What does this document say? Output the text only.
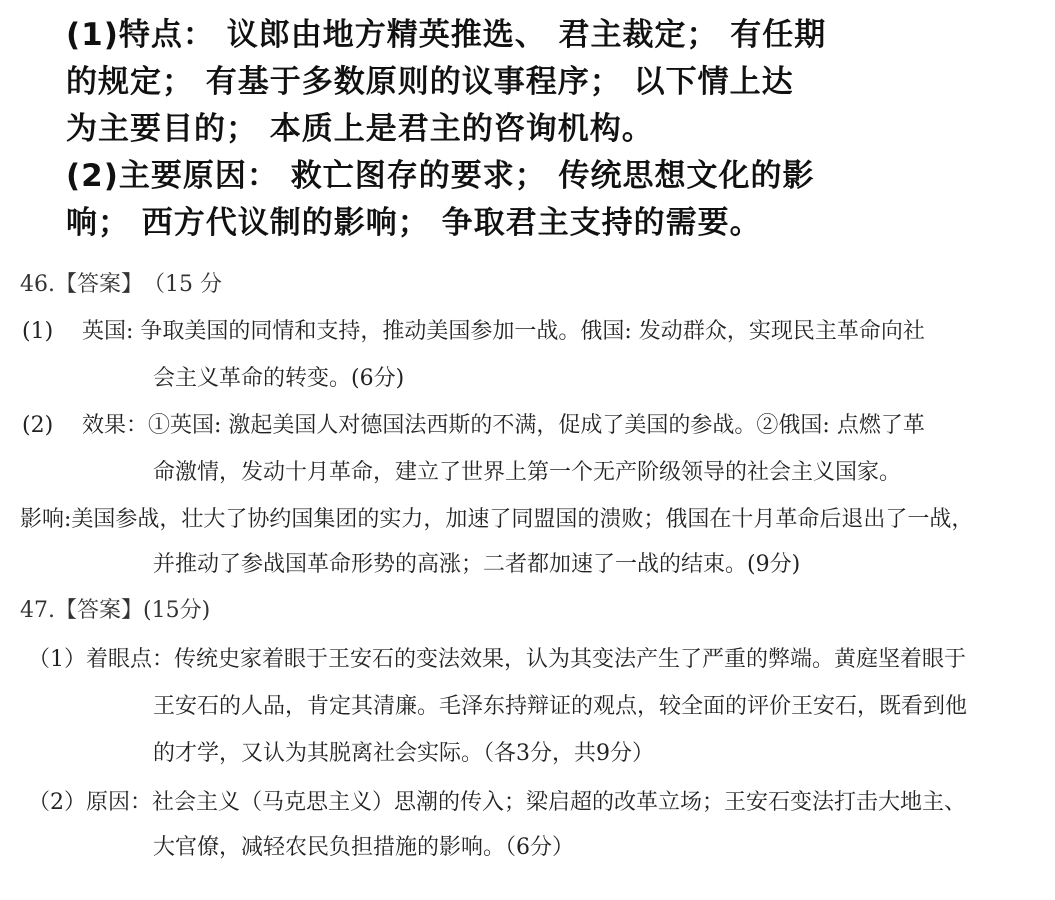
(1)特点： 议郎由地方精英推选、 君主裁定； 有任期
的规定； 有基于多数原则的议事程序； 以下情上达
为主要目的； 本质上是君主的咨询机构。
(2)主要原因： 救亡图存的要求； 传统思想文化的影
响； 西方代议制的影响； 争取君主支持的需要。
46.【答案】（15 分
(1) 英国: 争取美国的同情和支持，推动美国参加一战。俄国: 发动群众，实现民主革命向社
会主义革命的转变。(6分)
(2) 效果：①英国: 激起美国人对德国法西斯的不满，促成了美国的参战。②俄国: 点燃了革
命激情，发动十月革命，建立了世界上第一个无产阶级领导的社会主义国家。
影响:美国参战，壮大了协约国集团的实力，加速了同盟国的溃败；俄国在十月革命后退出了一战，
并推动了参战国革命形势的高涨；二者都加速了一战的结束。(9分)
47.【答案】(15分)
（1）着眼点：传统史家着眼于王安石的变法效果，认为其变法产生了严重的弊端。黄庭坚着眼于
王安石的人品，肯定其清廉。毛泽东持辩证的观点，较全面的评价王安石，既看到他
的才学，又认为其脱离社会实际。（各3分，共9分）
（2）原因：社会主义（马克思主义）思潮的传入；梁启超的改革立场；王安石变法打击大地主、
大官僚，减轻农民负担措施的影响。（6分）
